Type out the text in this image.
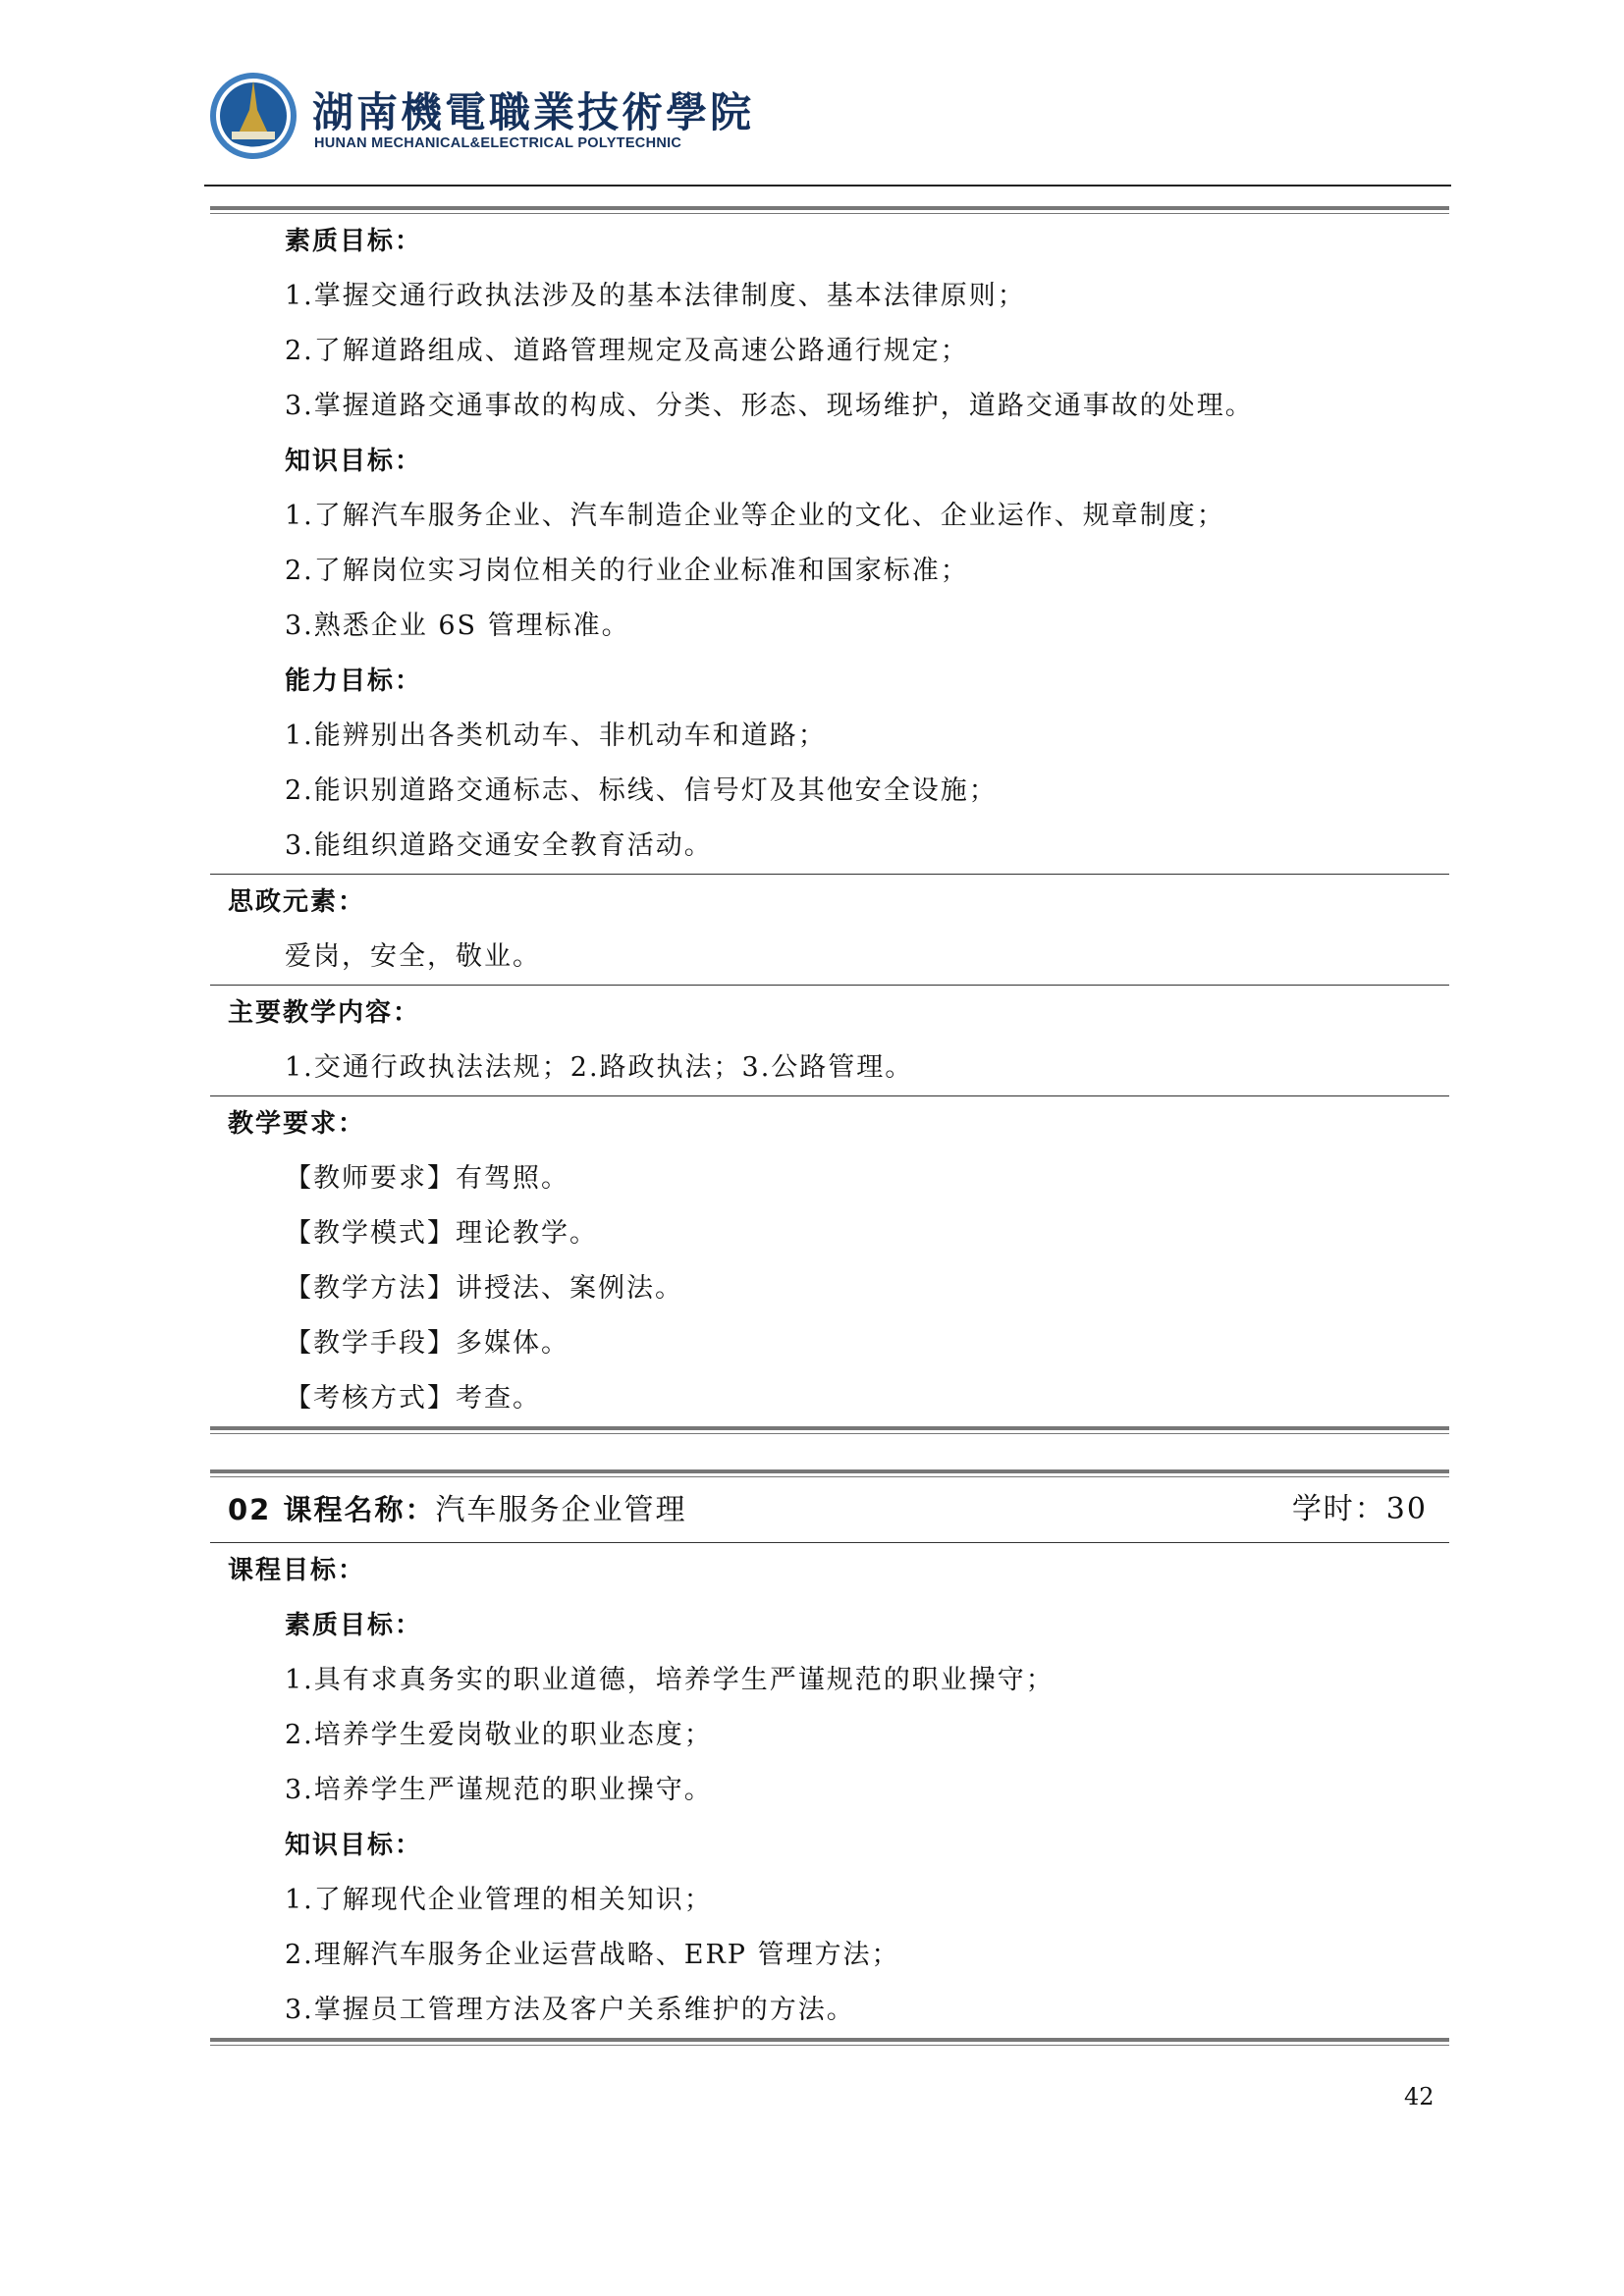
湖南機電職業技術學院
HUNAN MECHANICAL&ELECTRICAL POLYTECHNIC
素质目标：
1.掌握交通行政执法涉及的基本法律制度、基本法律原则；
2.了解道路组成、道路管理规定及高速公路通行规定；
3.掌握道路交通事故的构成、分类、形态、现场维护，道路交通事故的处理。
知识目标：
1.了解汽车服务企业、汽车制造企业等企业的文化、企业运作、规章制度；
2.了解岗位实习岗位相关的行业企业标准和国家标准；
3.熟悉企业 6S 管理标准。
能力目标：
1.能辨别出各类机动车、非机动车和道路；
2.能识别道路交通标志、标线、信号灯及其他安全设施；
3.能组织道路交通安全教育活动。
思政元素：
爱岗，安全，敬业。
主要教学内容：
1.交通行政执法法规；2.路政执法；3.公路管理。
教学要求：
【教师要求】有驾照。
【教学模式】理论教学。
【教学方法】讲授法、案例法。
【教学手段】多媒体。
【考核方式】考查。
02 课程名称：汽车服务企业管理	学时：30
课程目标：
素质目标：
1.具有求真务实的职业道德，培养学生严谨规范的职业操守；
2.培养学生爱岗敬业的职业态度；
3.培养学生严谨规范的职业操守。
知识目标：
1.了解现代企业管理的相关知识；
2.理解汽车服务企业运营战略、ERP 管理方法；
3.掌握员工管理方法及客户关系维护的方法。
42
